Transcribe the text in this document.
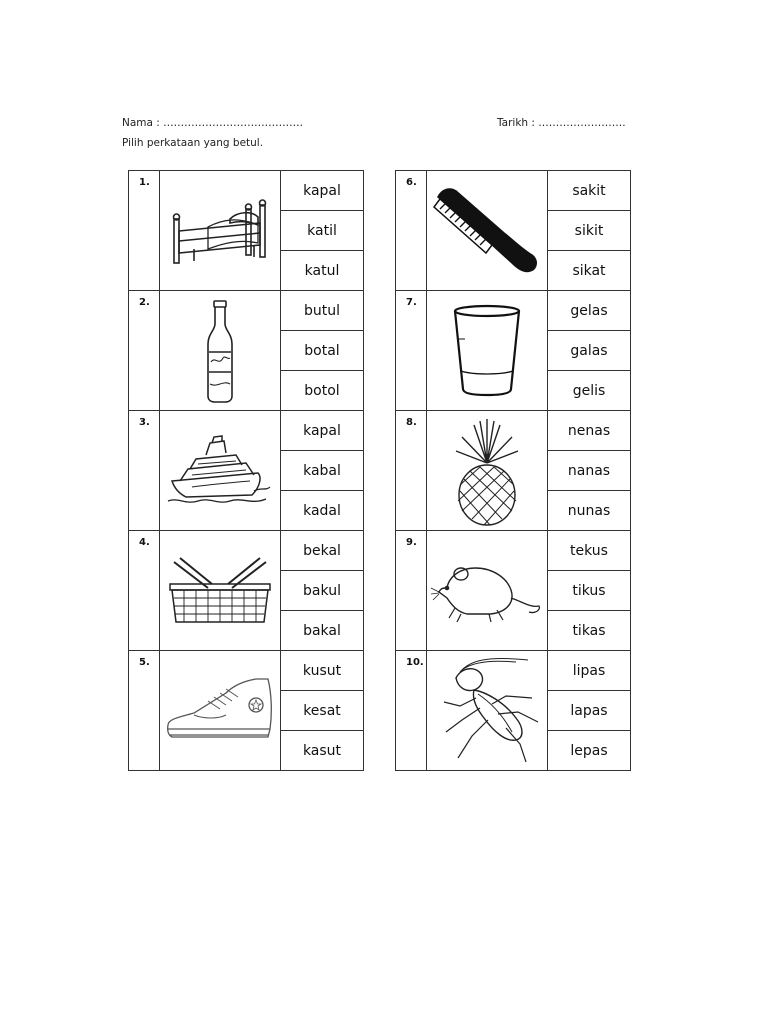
Nama : ………………………………….	Tarikh : …………………….
Pilih perkataan yang betul.
1.		kapal
		katil
		katul

2.		butul
		botal
		botol

3.		kapal
		kabal
		kadal

4.		bekal
		bakul
		bakal

5.		kusut
		kesat
		kasut
6.		sakit
		sikit
		sikat

7.		gelas
		galas
		gelis

8.		nenas
		nanas
		nunas

9.		tekus
		tikus
		tikas

10.		lipas
		lapas
		lepas
